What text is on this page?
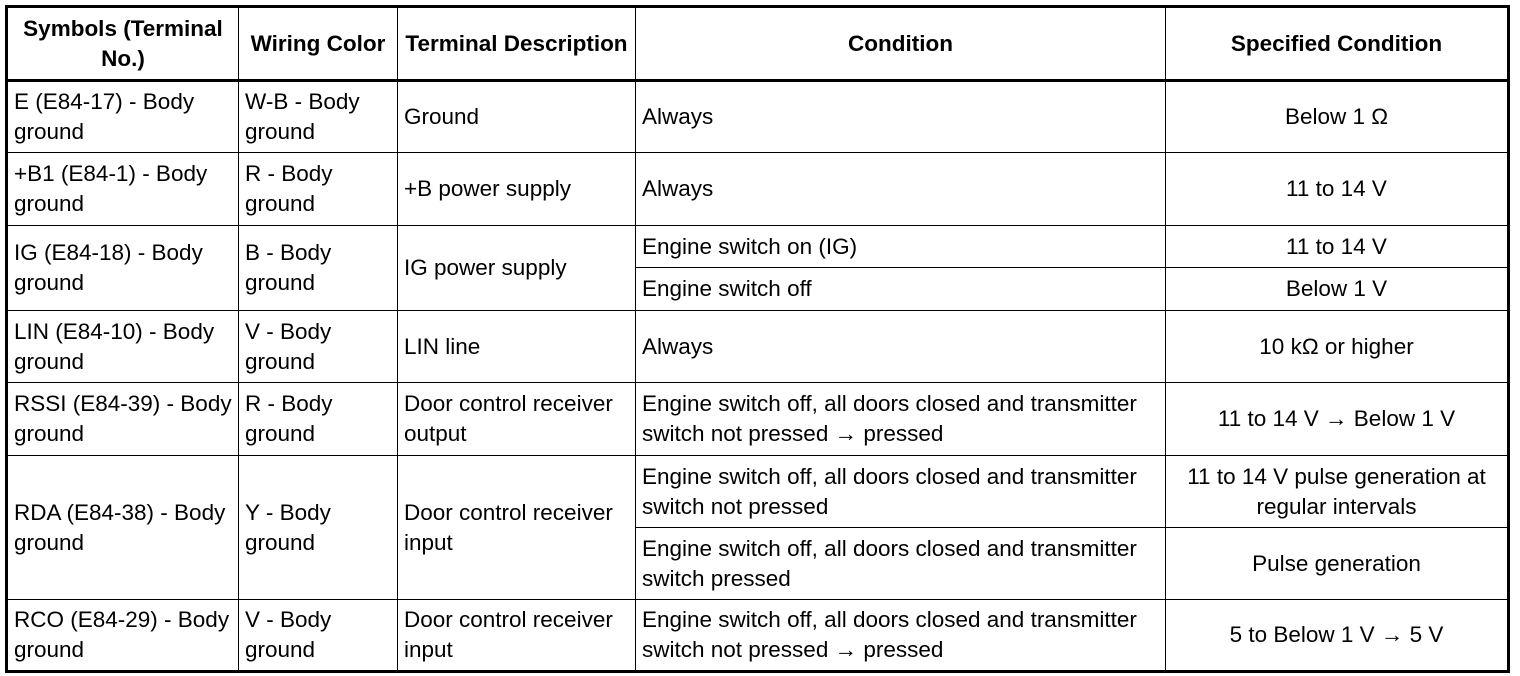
Symbols (Terminal No.)	Wiring Color	Terminal Description	Condition	Specified Condition
E (E84-17) - Body ground	W-B - Body ground	Ground	Always	Below 1 Ω
+B1 (E84-1) - Body ground	R - Body ground	+B power supply	Always	11 to 14 V
IG (E84-18) - Body ground	B - Body ground	IG power supply	Engine switch on (IG)	11 to 14 V
			Engine switch off	Below 1 V
LIN (E84-10) - Body ground	V - Body ground	LIN line	Always	10 kΩ or higher
RSSI (E84-39) - Body ground	R - Body ground	Door control receiver output	Engine switch off, all doors closed and transmitter switch not pressed → pressed	11 to 14 V → Below 1 V
RDA (E84-38) - Body ground	Y - Body ground	Door control receiver input	Engine switch off, all doors closed and transmitter switch not pressed	11 to 14 V pulse generation at regular intervals
			Engine switch off, all doors closed and transmitter switch pressed	Pulse generation
RCO (E84-29) - Body ground	V - Body ground	Door control receiver input	Engine switch off, all doors closed and transmitter switch not pressed → pressed	5 to Below 1 V → 5 V
